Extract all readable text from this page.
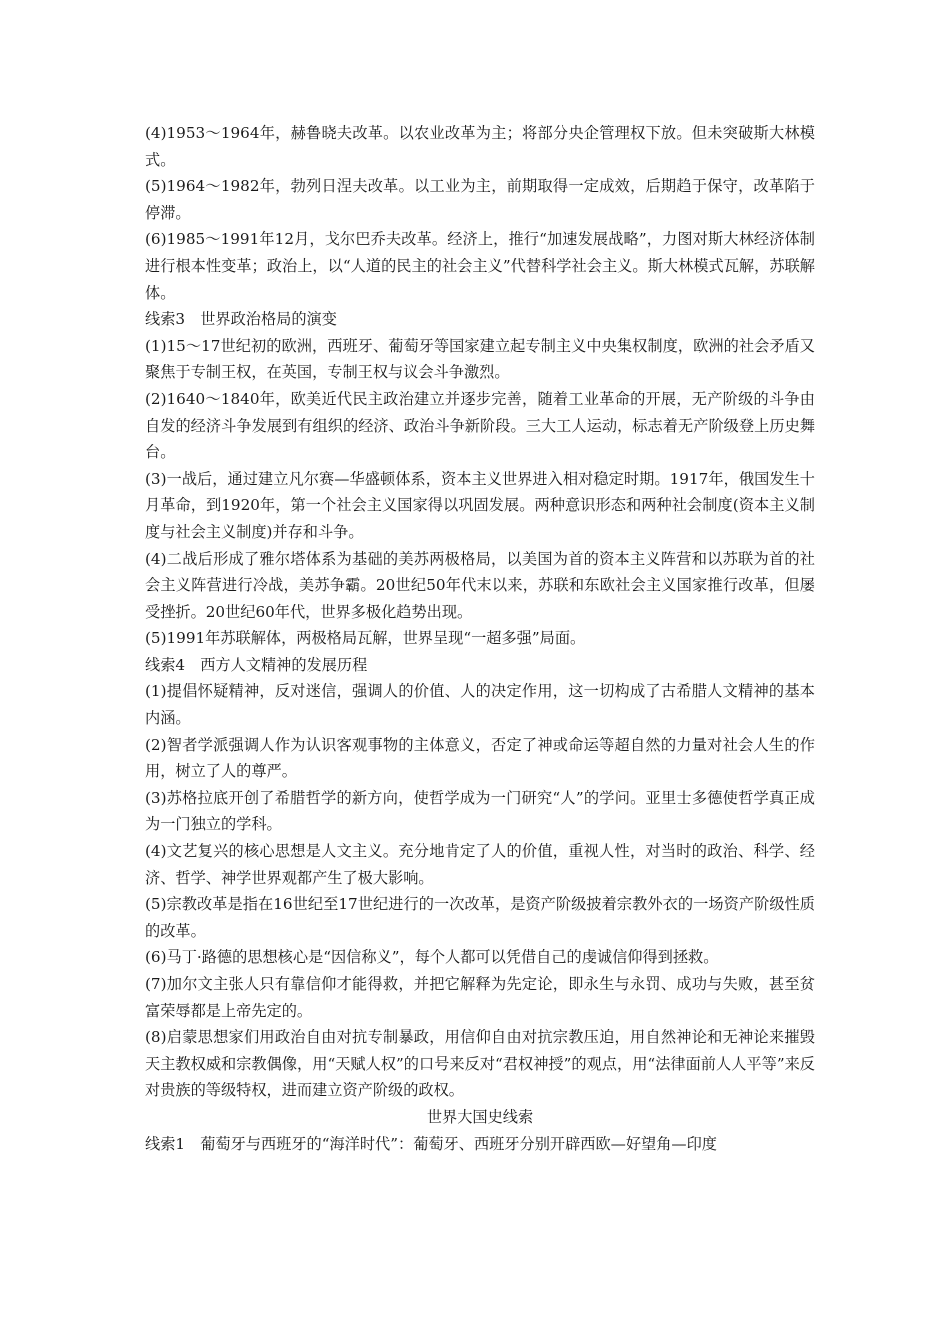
(4)1953～1964年，赫鲁晓夫改革。以农业改革为主；将部分央企管理权下放。但未突破斯大林模式。

(5)1964～1982年，勃列日涅夫改革。以工业为主，前期取得一定成效，后期趋于保守，改革陷于停滞。

(6)1985～1991年12月，戈尔巴乔夫改革。经济上，推行“加速发展战略”，力图对斯大林经济体制进行根本性变革；政治上，以“人道的民主的社会主义”代替科学社会主义。斯大林模式瓦解，苏联解体。

线索3　世界政治格局的演变

(1)15～17世纪初的欧洲，西班牙、葡萄牙等国家建立起专制主义中央集权制度，欧洲的社会矛盾又聚焦于专制王权，在英国，专制王权与议会斗争激烈。

(2)1640～1840年，欧美近代民主政治建立并逐步完善，随着工业革命的开展，无产阶级的斗争由自发的经济斗争发展到有组织的经济、政治斗争新阶段。三大工人运动，标志着无产阶级登上历史舞台。

(3)一战后，通过建立凡尔赛—华盛顿体系，资本主义世界进入相对稳定时期。1917年，俄国发生十月革命，到1920年，第一个社会主义国家得以巩固发展。两种意识形态和两种社会制度(资本主义制度与社会主义制度)并存和斗争。

(4)二战后形成了雅尔塔体系为基础的美苏两极格局，以美国为首的资本主义阵营和以苏联为首的社会主义阵营进行冷战，美苏争霸。20世纪50年代末以来，苏联和东欧社会主义国家推行改革，但屡受挫折。20世纪60年代，世界多极化趋势出现。

(5)1991年苏联解体，两极格局瓦解，世界呈现“一超多强”局面。

线索4　西方人文精神的发展历程

(1)提倡怀疑精神，反对迷信，强调人的价值、人的决定作用，这一切构成了古希腊人文精神的基本内涵。

(2)智者学派强调人作为认识客观事物的主体意义，否定了神或命运等超自然的力量对社会人生的作用，树立了人的尊严。

(3)苏格拉底开创了希腊哲学的新方向，使哲学成为一门研究“人”的学问。亚里士多德使哲学真正成为一门独立的学科。

(4)文艺复兴的核心思想是人文主义。充分地肯定了人的价值，重视人性，对当时的政治、科学、经济、哲学、神学世界观都产生了极大影响。

(5)宗教改革是指在16世纪至17世纪进行的一次改革，是资产阶级披着宗教外衣的一场资产阶级性质的改革。

(6)马丁·路德的思想核心是“因信称义”，每个人都可以凭借自己的虔诚信仰得到拯救。

(7)加尔文主张人只有靠信仰才能得救，并把它解释为先定论，即永生与永罚、成功与失败，甚至贫富荣辱都是上帝先定的。

(8)启蒙思想家们用政治自由对抗专制暴政，用信仰自由对抗宗教压迫，用自然神论和无神论来摧毁天主教权威和宗教偶像，用“天赋人权”的口号来反对“君权神授”的观点，用“法律面前人人平等”来反对贵族的等级特权，进而建立资产阶级的政权。

世界大国史线索

线索1　葡萄牙与西班牙的“海洋时代”：葡萄牙、西班牙分别开辟西欧—好望角—印度
